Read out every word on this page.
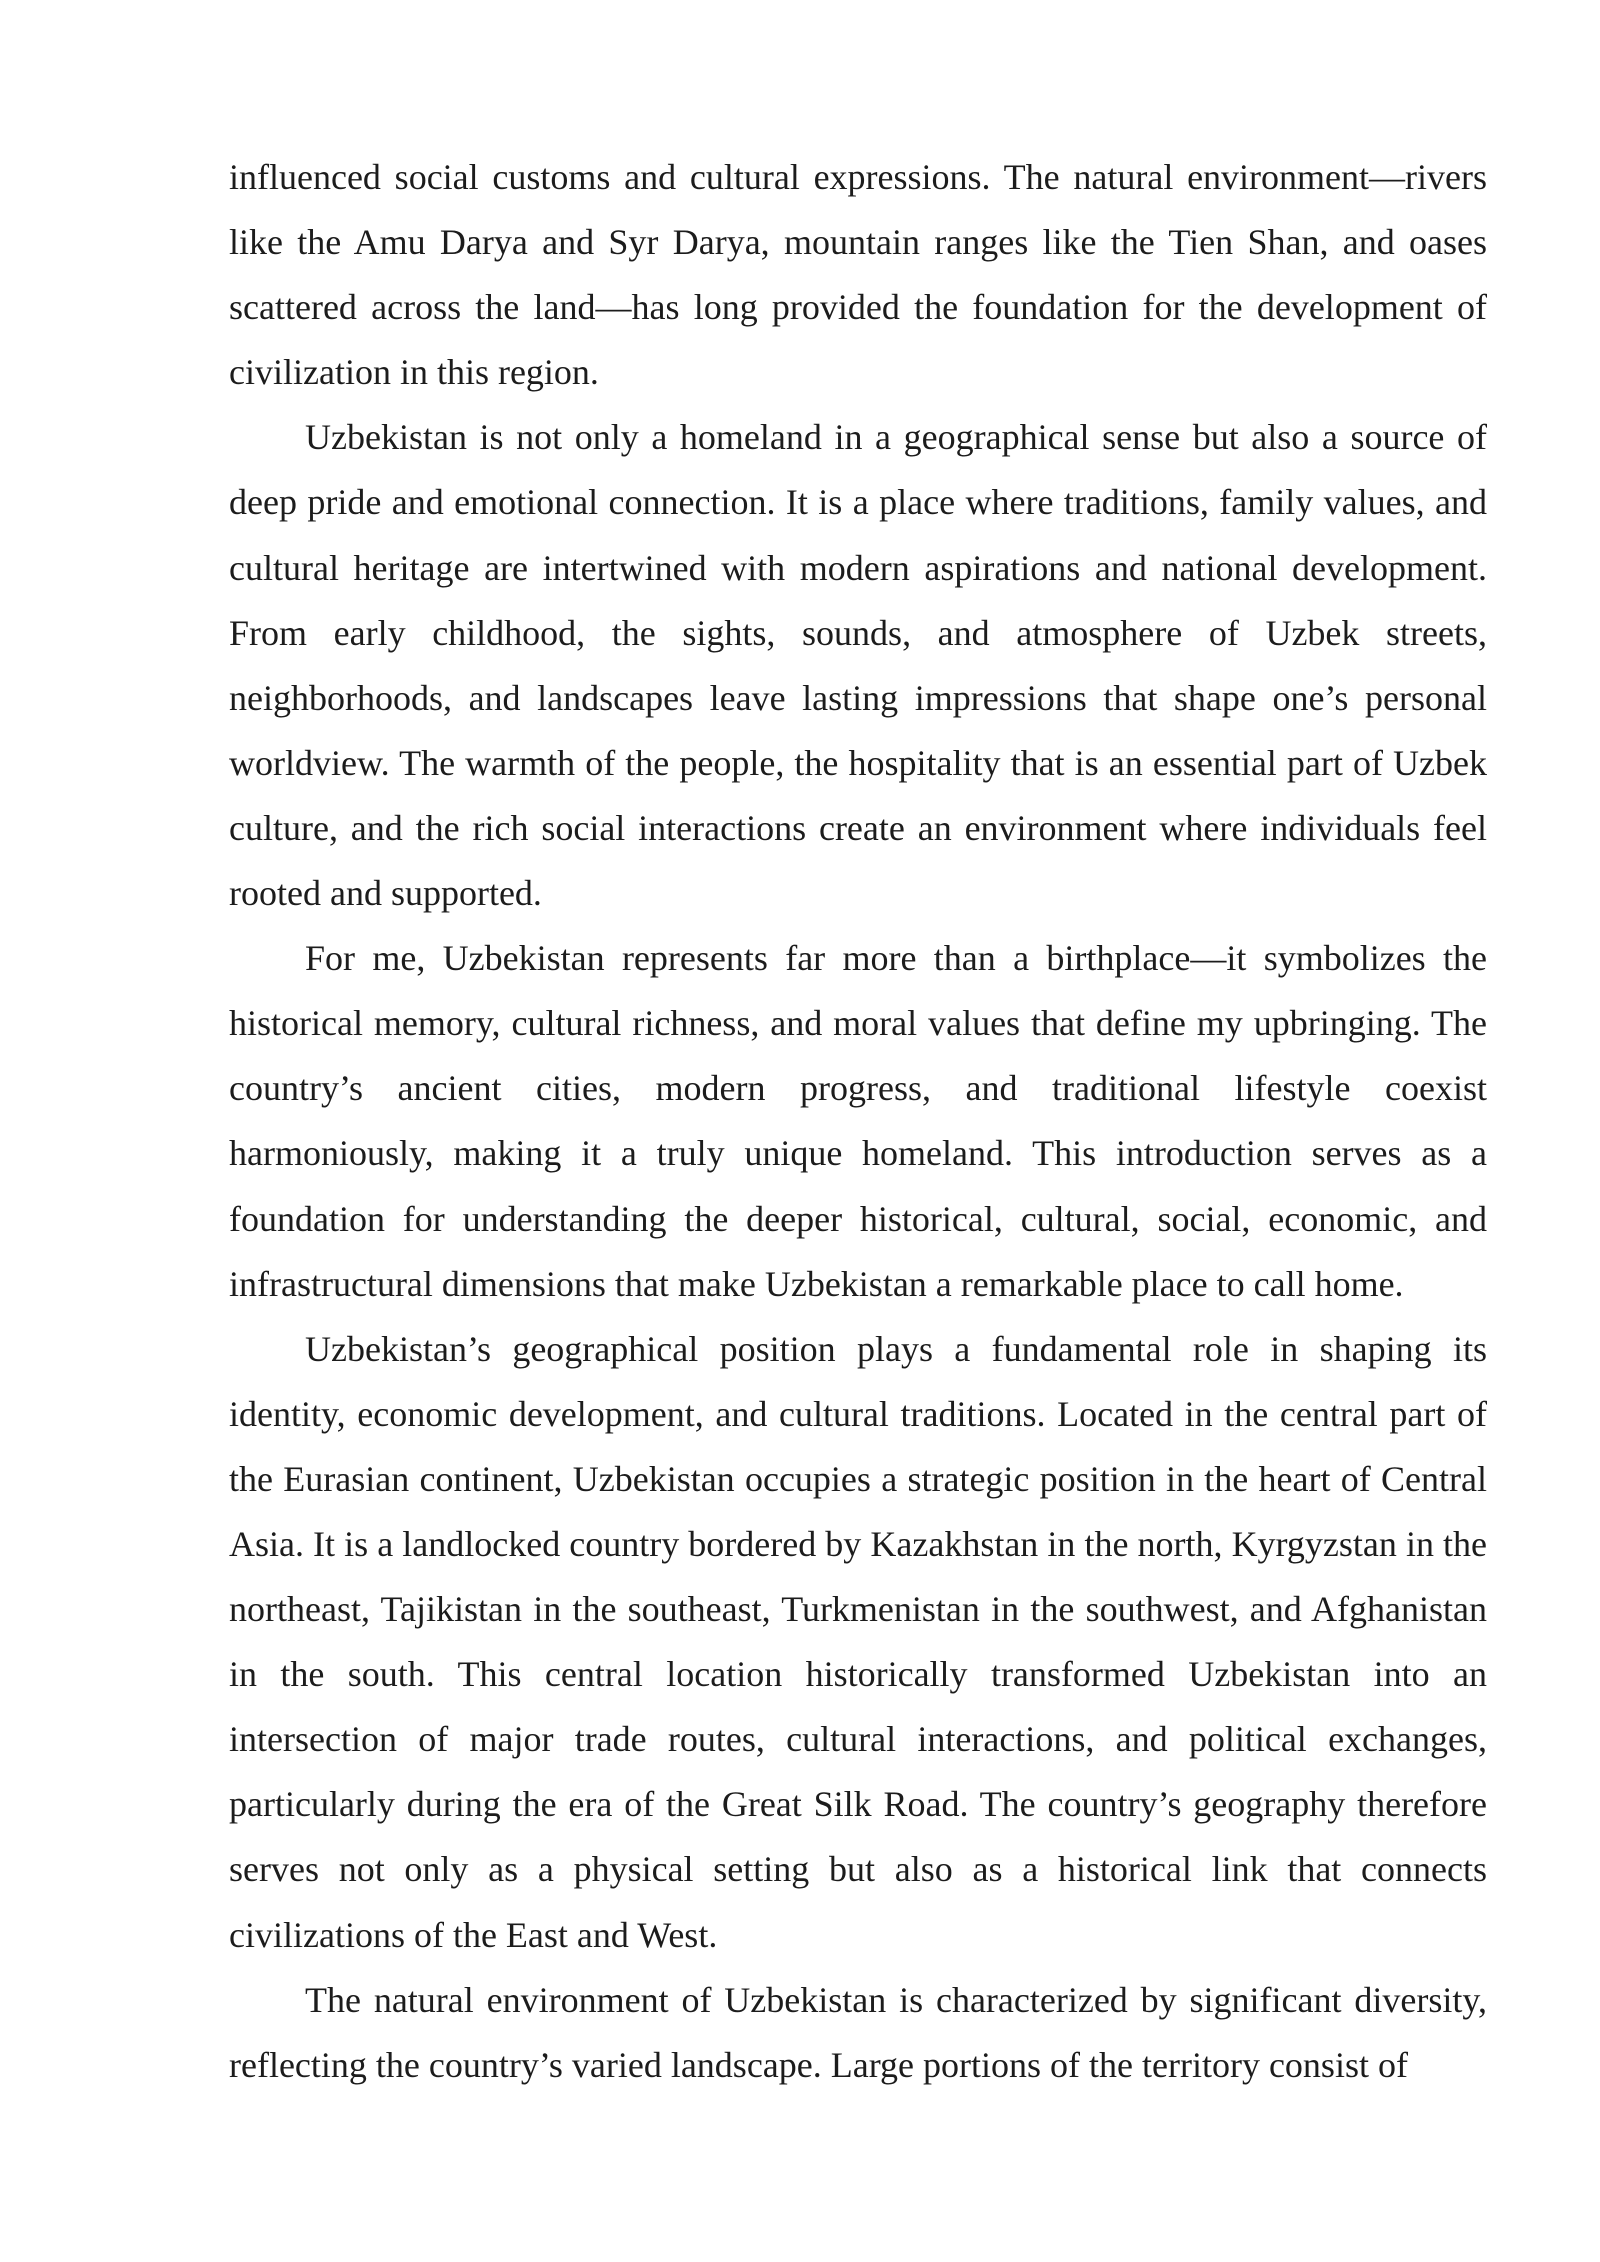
influenced social customs and cultural expressions. The natural environment—rivers like the Amu Darya and Syr Darya, mountain ranges like the Tien Shan, and oases scattered across the land—has long provided the foundation for the development of civilization in this region.

Uzbekistan is not only a homeland in a geographical sense but also a source of deep pride and emotional connection. It is a place where traditions, family values, and cultural heritage are intertwined with modern aspirations and national development. From early childhood, the sights, sounds, and atmosphere of Uzbek streets, neighborhoods, and landscapes leave lasting impressions that shape one’s personal worldview. The warmth of the people, the hospitality that is an essential part of Uzbek culture, and the rich social interactions create an environment where individuals feel rooted and supported.

For me, Uzbekistan represents far more than a birthplace—it symbolizes the historical memory, cultural richness, and moral values that define my upbringing. The country’s ancient cities, modern progress, and traditional lifestyle coexist harmoniously, making it a truly unique homeland. This introduction serves as a foundation for understanding the deeper historical, cultural, social, economic, and infrastructural dimensions that make Uzbekistan a remarkable place to call home.

Uzbekistan’s geographical position plays a fundamental role in shaping its identity, economic development, and cultural traditions. Located in the central part of the Eurasian continent, Uzbekistan occupies a strategic position in the heart of Central Asia. It is a landlocked country bordered by Kazakhstan in the north, Kyrgyzstan in the northeast, Tajikistan in the southeast, Turkmenistan in the southwest, and Afghanistan in the south. This central location historically transformed Uzbekistan into an intersection of major trade routes, cultural interactions, and political exchanges, particularly during the era of the Great Silk Road. The country’s geography therefore serves not only as a physical setting but also as a historical link that connects civilizations of the East and West.

The natural environment of Uzbekistan is characterized by significant diversity, reflecting the country’s varied landscape. Large portions of the territory consist of
